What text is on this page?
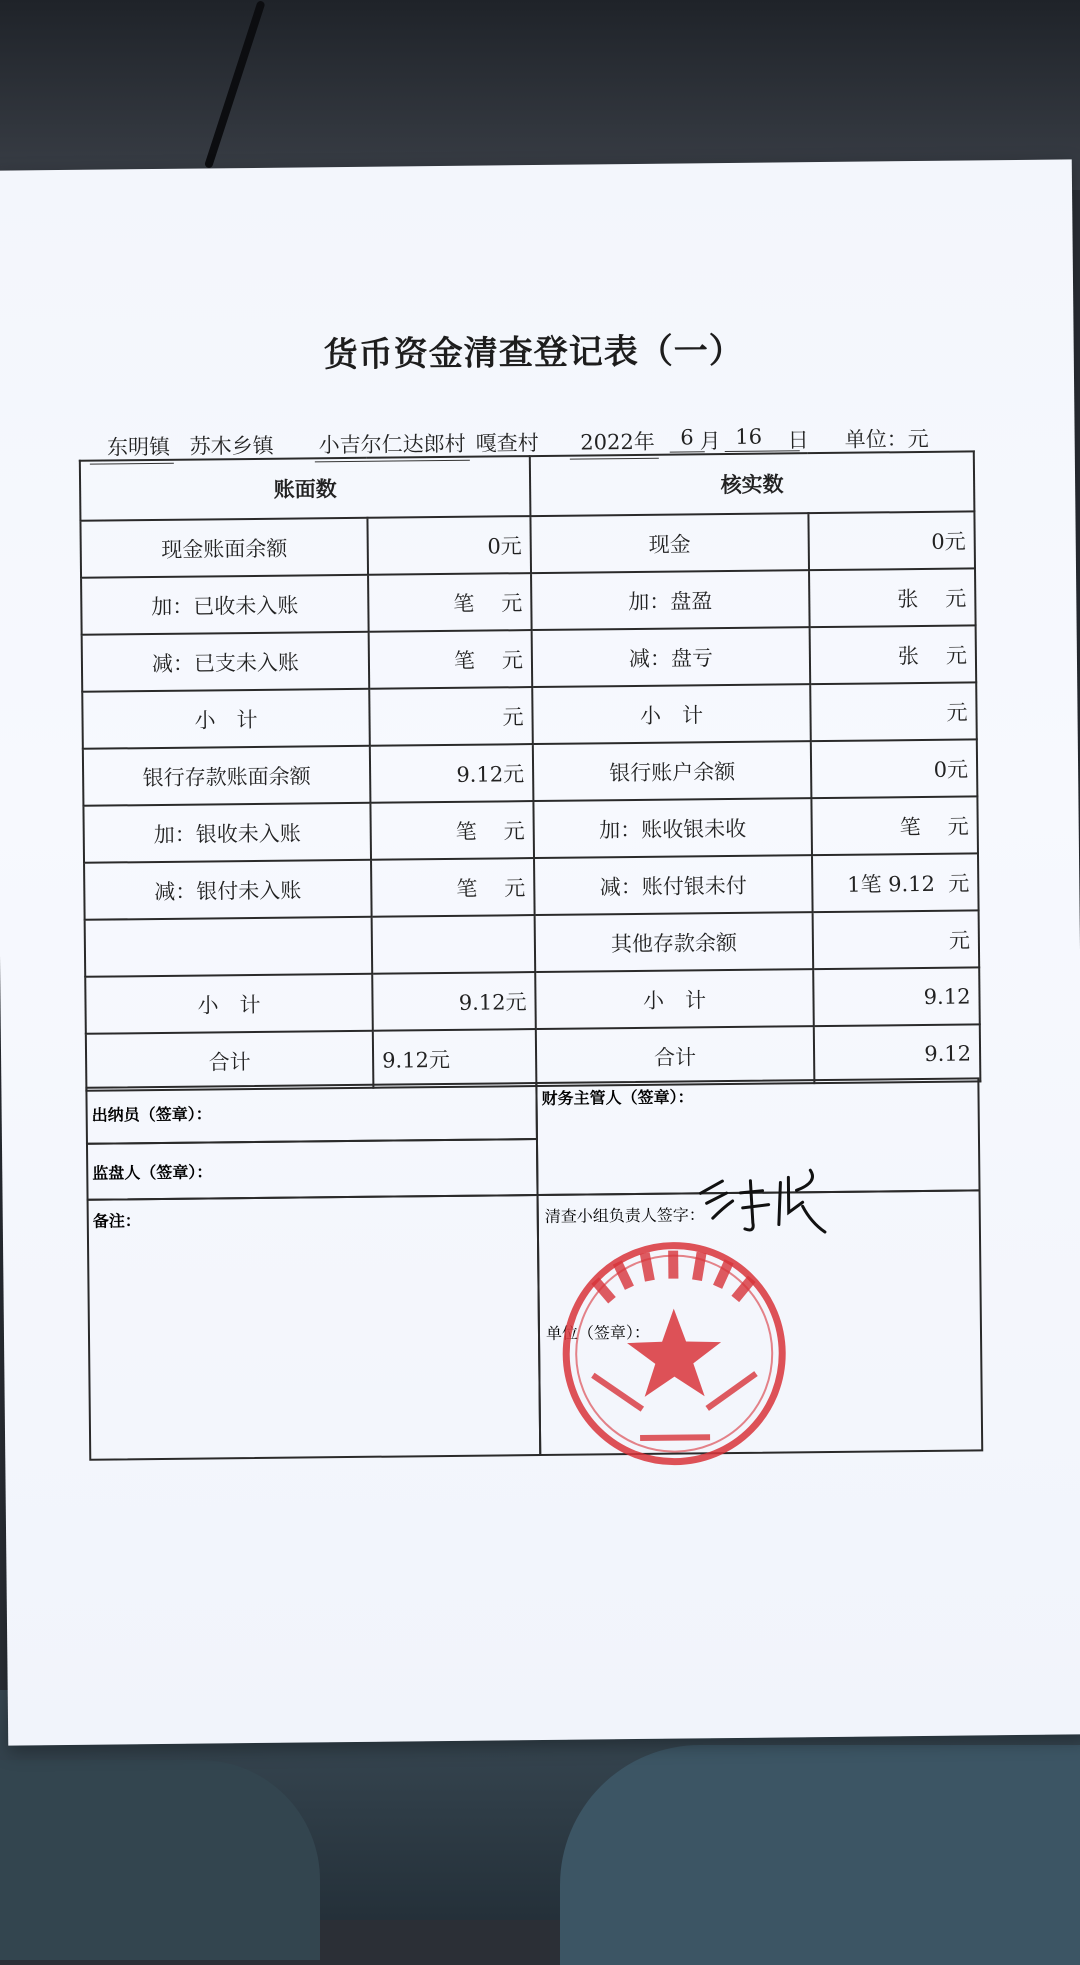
货币资金清查登记表（一）
东明镇 苏木乡镇 小吉尔仁达郎村 嘎查村	2022年	6 月 16	日 单位：元
账面数		核实数	
现金账面余额	0元	现金	0元
加：已收未入账	笔 元	加：盘盈	张 元
减：已支未入账	笔 元	减：盘亏	张 元
小　计	元	小　计	元
银行存款账面余额	9.12元	银行账户余额	0元
加：银收未入账	笔 元	加：账收银未收	笔 元
减：银付未入账	笔 元	减：账付银未付	1笔 9.12 元
		其他存款余额	元
小　计	9.12元	小　计	9.12
合计	9.12元	合计	9.12
出纳员（签章）：
监盘人（签章）：
财务主管人（签章）：
备注：	清查小组负责人签字：
单位（签章）：
